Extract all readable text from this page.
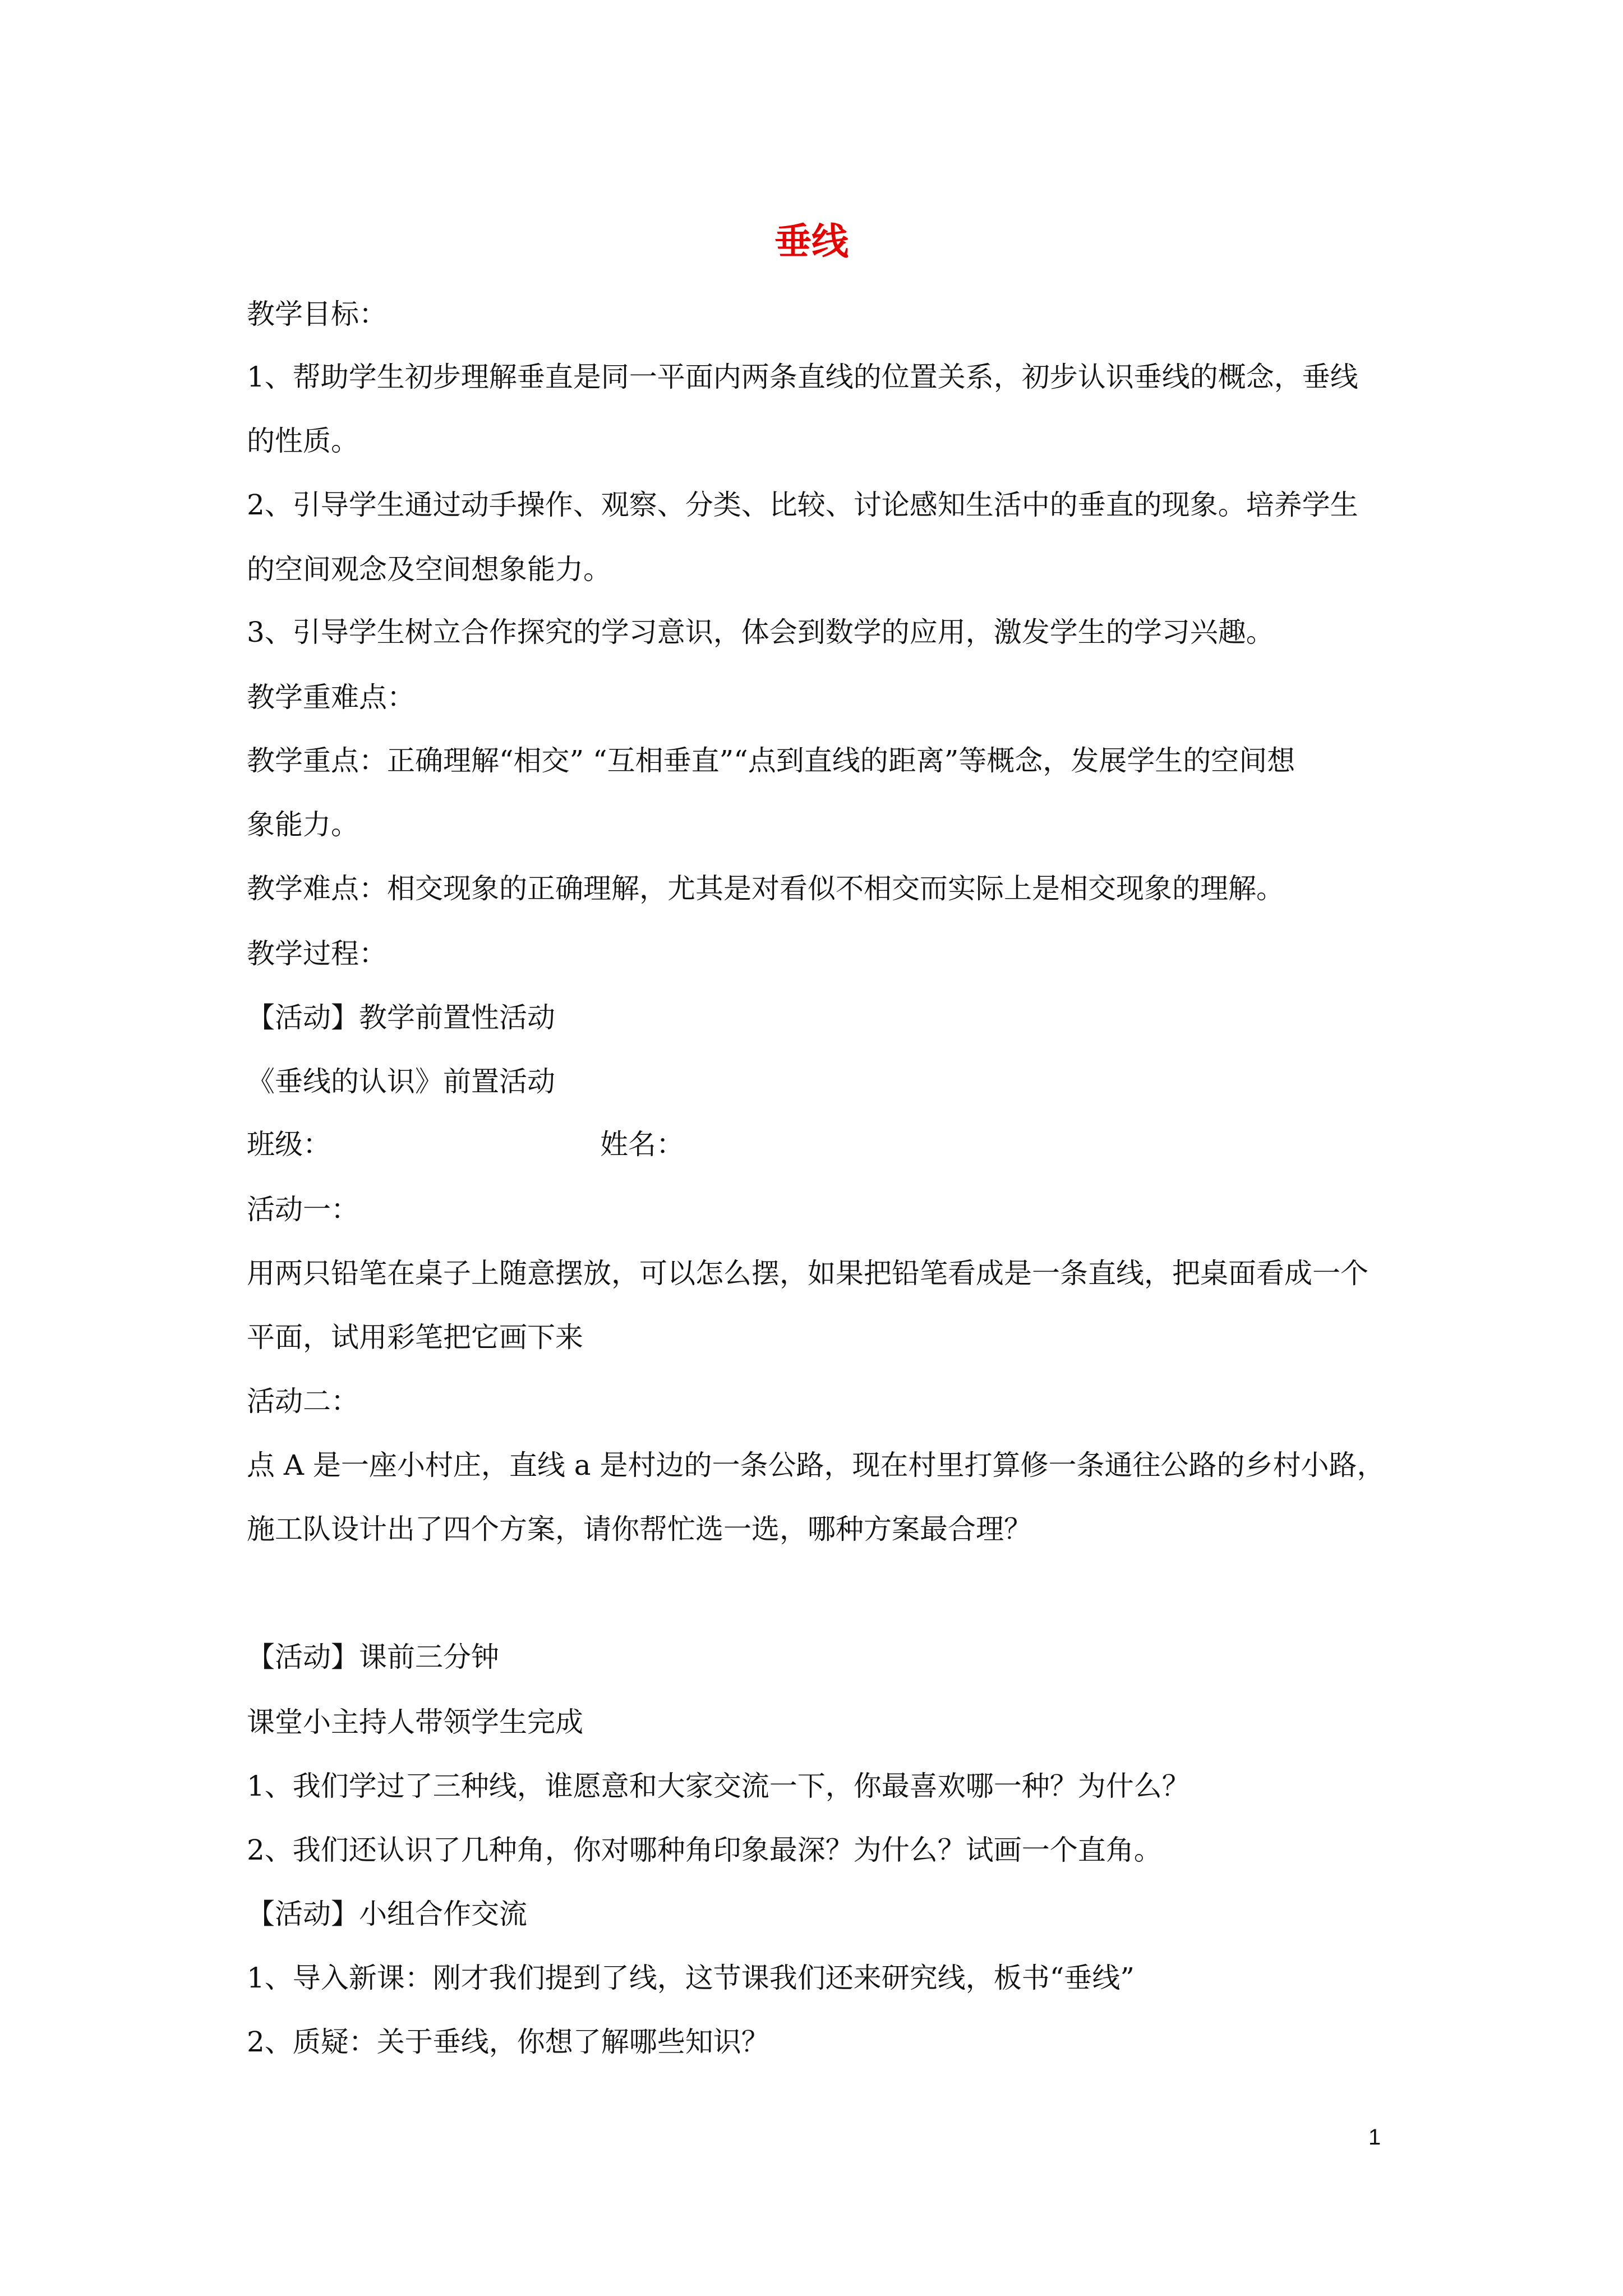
垂线
教学目标：
1、帮助学生初步理解垂直是同一平面内两条直线的位置关系，初步认识垂线的概念，垂线
的性质。
2、引导学生通过动手操作、观察、分类、比较、讨论感知生活中的垂直的现象。培养学生
的空间观念及空间想象能力。
3、引导学生树立合作探究的学习意识，体会到数学的应用，激发学生的学习兴趣。
教学重难点：
教学重点：正确理解“相交” “互相垂直”“点到直线的距离”等概念，发展学生的空间想
象能力。
教学难点：相交现象的正确理解，尤其是对看似不相交而实际上是相交现象的理解。
教学过程：
【活动】教学前置性活动
《垂线的认识》前置活动
班级：	姓名：
活动一：
用两只铅笔在桌子上随意摆放，可以怎么摆，如果把铅笔看成是一条直线，把桌面看成一个
平面，试用彩笔把它画下来
活动二：
点 A 是一座小村庄，直线 a 是村边的一条公路，现在村里打算修一条通往公路的乡村小路，
施工队设计出了四个方案，请你帮忙选一选，哪种方案最合理？
【活动】课前三分钟
课堂小主持人带领学生完成
1、我们学过了三种线，谁愿意和大家交流一下，你最喜欢哪一种？为什么？
2、我们还认识了几种角，你对哪种角印象最深？为什么？试画一个直角。
【活动】小组合作交流
1、导入新课：刚才我们提到了线，这节课我们还来研究线，板书“垂线”
2、质疑：关于垂线，你想了解哪些知识？
1
